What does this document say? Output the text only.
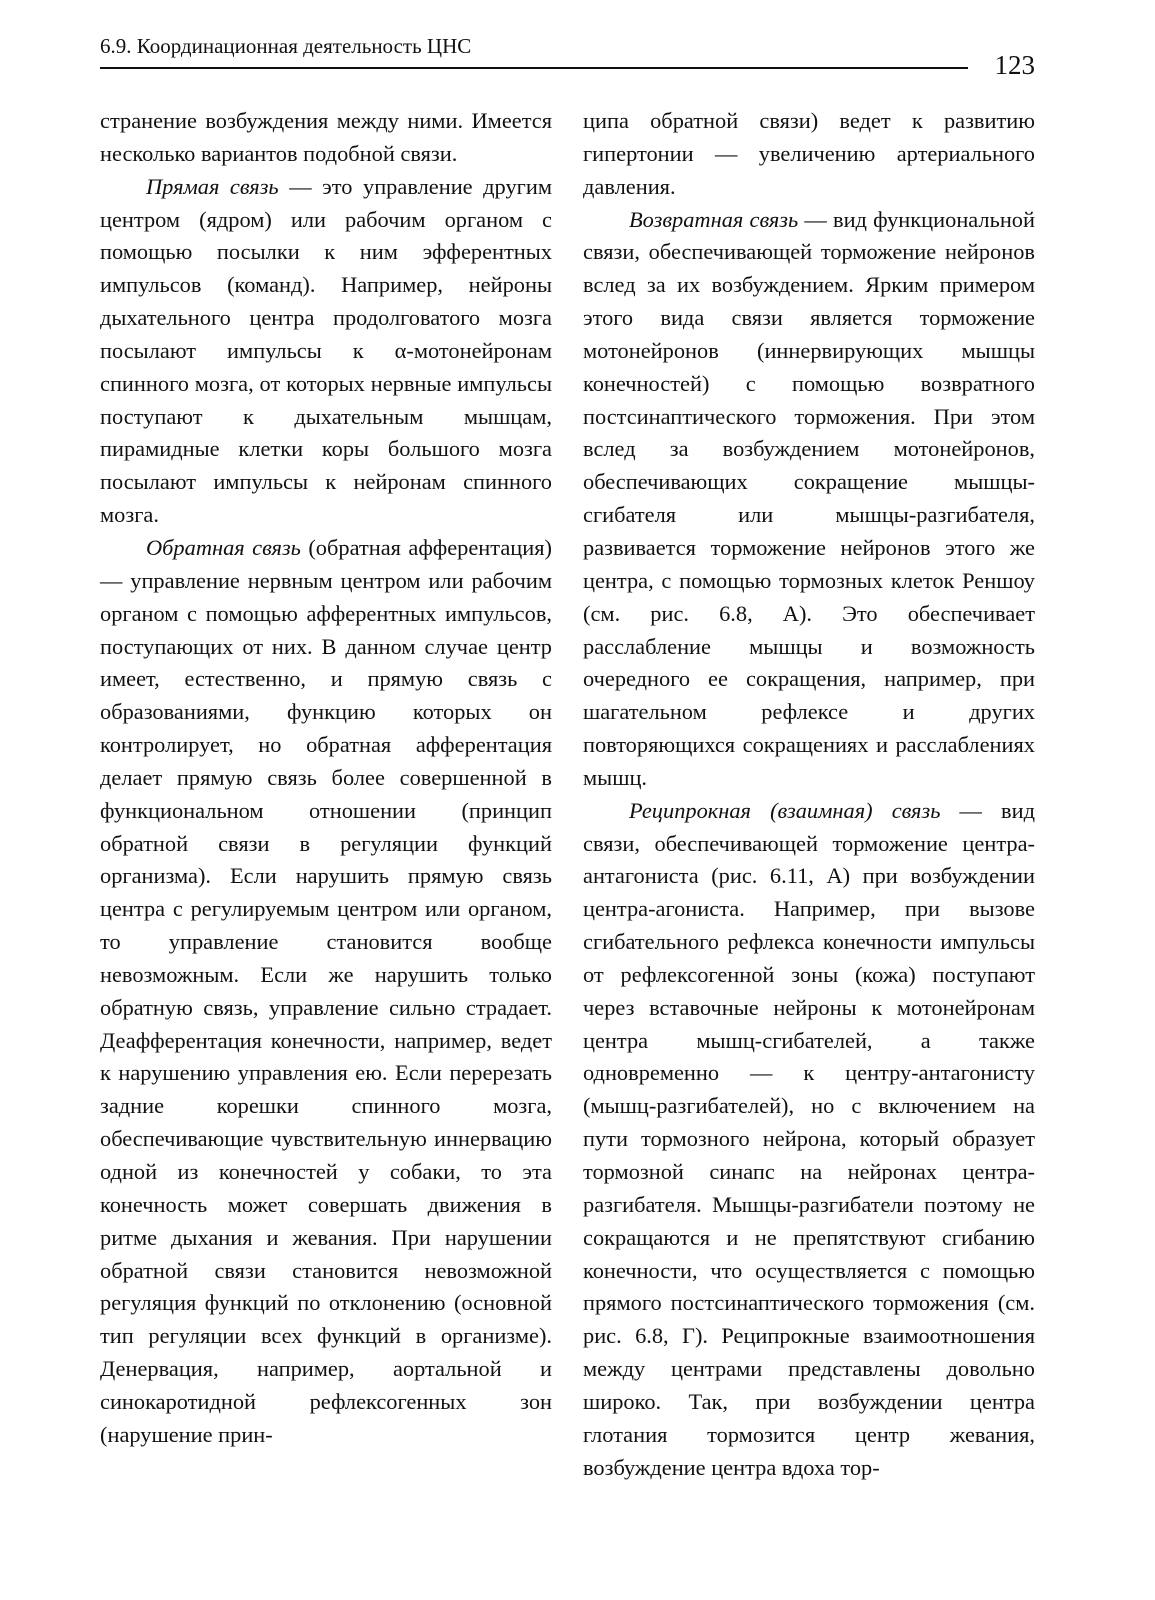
6.9. Координационная деятельность ЦНС
123

странение возбуждения между ними. Имеется несколько вариантов подобной связи.

Прямая связь — это управление другим центром (ядром) или рабочим органом с помощью посылки к ним эфферентных импульсов (команд). Например, нейроны дыхательного центра продолговатого мозга посылают импульсы к α-мотонейронам спинного мозга, от которых нервные импульсы поступают к дыхательным мышцам, пирамидные клетки коры большого мозга посылают импульсы к нейронам спинного мозга.

Обратная связь (обратная афферентация) — управление нервным центром или рабочим органом с помощью афферентных импульсов, поступающих от них. В данном случае центр имеет, естественно, и прямую связь с образованиями, функцию которых он контролирует, но обратная афферентация делает прямую связь более совершенной в функциональном отношении (принцип обратной связи в регуляции функций организма). Если нарушить прямую связь центра с регулируемым центром или органом, то управление становится вообще невозможным. Если же нарушить только обратную связь, управление сильно страдает. Деафферентация конечности, например, ведет к нарушению управления ею. Если перерезать задние корешки спинного мозга, обеспечивающие чувствительную иннервацию одной из конечностей у собаки, то эта конечность может совершать движения в ритме дыхания и жевания. При нарушении обратной связи становится невозможной регуляция функций по отклонению (основной тип регуляции всех функций в организме). Денервация, например, аортальной и синокаротидной рефлексогенных зон (нарушение прин-

ципа обратной связи) ведет к развитию гипертонии — увеличению артериального давления.

Возвратная связь — вид функциональной связи, обеспечивающей торможение нейронов вслед за их возбуждением. Ярким примером этого вида связи является торможение мотонейронов (иннервирующих мышцы конечностей) с помощью возвратного постсинаптического торможения. При этом вслед за возбуждением мотонейронов, обеспечивающих сокращение мышцы-сгибателя или мышцы-разгибателя, развивается торможение нейронов этого же центра, с помощью тормозных клеток Реншоу (см. рис. 6.8, А). Это обеспечивает расслабление мышцы и возможность очередного ее сокращения, например, при шагательном рефлексе и других повторяющихся сокращениях и расслаблениях мышц.

Реципрокная (взаимная) связь — вид связи, обеспечивающей торможение центра-антагониста (рис. 6.11, А) при возбуждении центра-агониста. Например, при вызове сгибательного рефлекса конечности импульсы от рефлексогенной зоны (кожа) поступают через вставочные нейроны к мотонейронам центра мышц-сгибателей, а также одновременно — к центру-антагонисту (мышц-разгибателей), но с включением на пути тормозного нейрона, который образует тормозной синапс на нейронах центра-разгибателя. Мышцы-разгибатели поэтому не сокращаются и не препятствуют сгибанию конечности, что осуществляется с помощью прямого постсинаптического торможения (см. рис. 6.8, Г). Реципрокные взаимоотношения между центрами представлены довольно широко. Так, при возбуждении центра глотания тормозится центр жевания, возбуждение центра вдоха тор-
